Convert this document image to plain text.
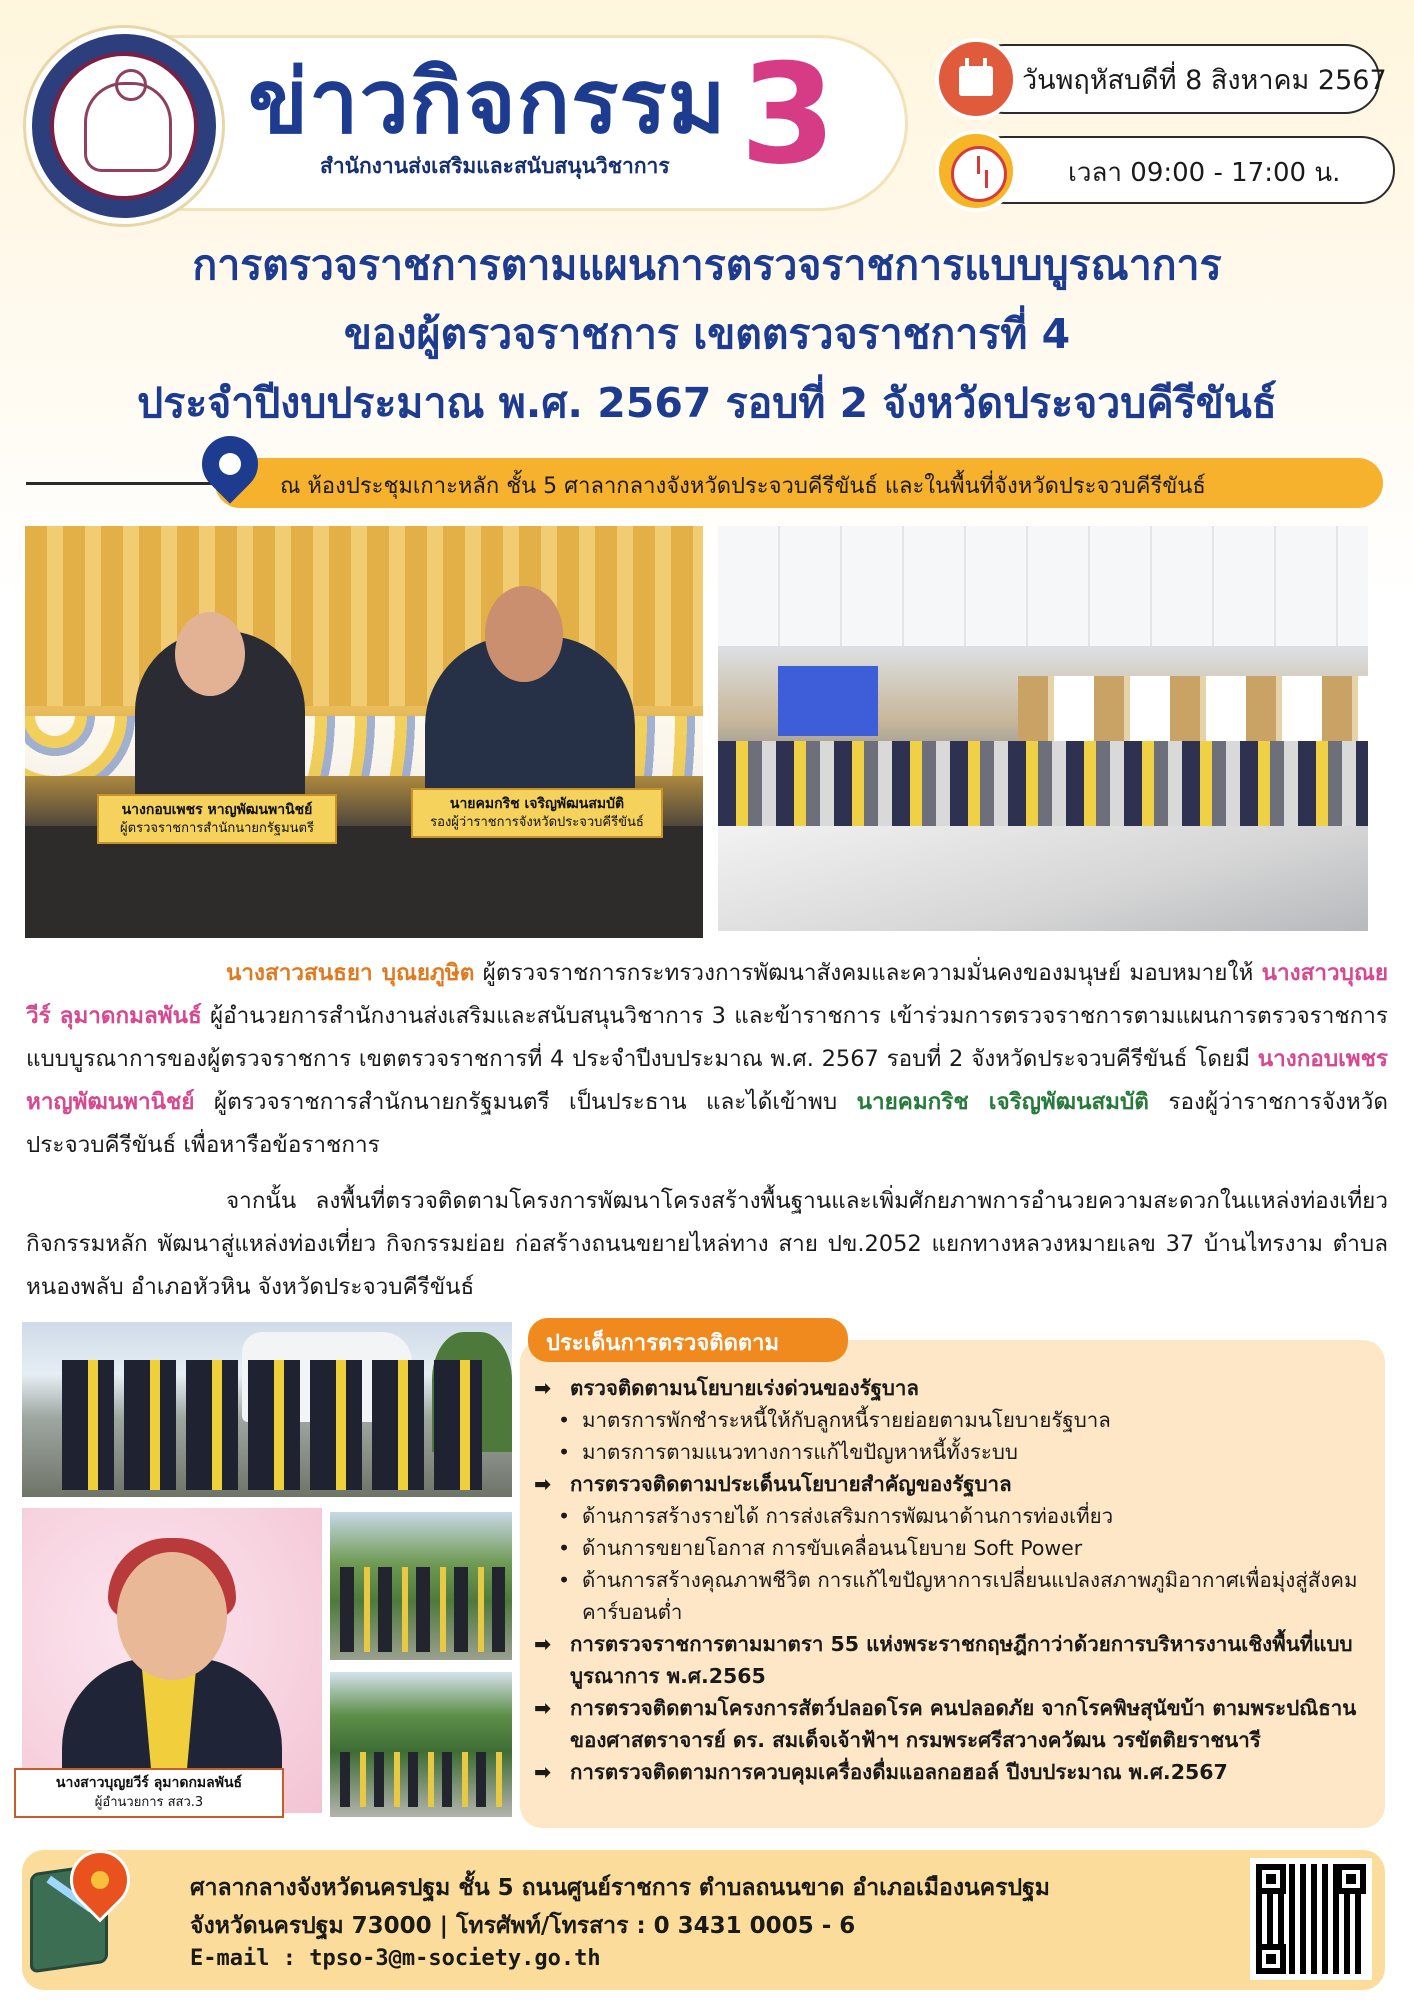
ข่าวกิจกรรม 3
สำนักงานส่งเสริมและสนับสนุนวิชาการ
วันพฤหัสบดีที่ 8 สิงหาคม 2567
เวลา 09:00 - 17:00 น.
การตรวจราชการตามแผนการตรวจราชการแบบบูรณาการ
ของผู้ตรวจราชการ เขตตรวจราชการที่ 4
ประจำปีงบประมาณ พ.ศ. 2567 รอบที่ 2 จังหวัดประจวบคีรีขันธ์
ณ ห้องประชุมเกาะหลัก ชั้น 5 ศาลากลางจังหวัดประจวบคีรีขันธ์ และในพื้นที่จังหวัดประจวบคีรีขันธ์
นางกอบเพชร หาญพัฒนพานิชย์
ผู้ตรวจราชการสำนักนายกรัฐมนตรี
นายคมกริช เจริญพัฒนสมบัติ
รองผู้ว่าราชการจังหวัดประจวบคีรีขันธ์
นางสาวสนธยา บุณยภูษิต ผู้ตรวจราชการกระทรวงการพัฒนาสังคมและความมั่นคงของมนุษย์ มอบหมายให้ นางสาวบุณยวีร์ ลุมาดกมลพันธ์ ผู้อำนวยการสำนักงานส่งเสริมและสนับสนุนวิชาการ 3 และข้าราชการ เข้าร่วมการตรวจราชการตามแผนการตรวจราชการแบบบูรณาการของผู้ตรวจราชการ เขตตรวจราชการที่ 4 ประจำปีงบประมาณ พ.ศ. 2567 รอบที่ 2 จังหวัดประจวบคีรีขันธ์ โดยมี นางกอบเพชร หาญพัฒนพานิชย์ ผู้ตรวจราชการสำนักนายกรัฐมนตรี เป็นประธาน และได้เข้าพบ นายคมกริช เจริญพัฒนสมบัติ รองผู้ว่าราชการจังหวัดประจวบคีรีขันธ์ เพื่อหารือข้อราชการ
จากนั้น ลงพื้นที่ตรวจติดตามโครงการพัฒนาโครงสร้างพื้นฐานและเพิ่มศักยภาพการอำนวยความสะดวกในแหล่งท่องเที่ยว กิจกรรมหลัก พัฒนาสู่แหล่งท่องเที่ยว กิจกรรมย่อย ก่อสร้างถนนขยายไหล่ทาง สาย ปข.2052 แยกทางหลวงหมายเลข 37 บ้านไทรงาม ตำบลหนองพลับ อำเภอหัวหิน จังหวัดประจวบคีรีขันธ์
นางสาวบุญยวีร์ ลุมาดกมลพันธ์
ผู้อำนวยการ สสว.3
ประเด็นการตรวจติดตาม
➡ ตรวจติดตามนโยบายเร่งด่วนของรัฐบาล
• มาตรการพักชำระหนี้ให้กับลูกหนี้รายย่อยตามนโยบายรัฐบาล
• มาตรการตามแนวทางการแก้ไขปัญหาหนี้ทั้งระบบ
➡ การตรวจติดตามประเด็นนโยบายสำคัญของรัฐบาล
• ด้านการสร้างรายได้ การส่งเสริมการพัฒนาด้านการท่องเที่ยว
• ด้านการขยายโอกาส การขับเคลื่อนนโยบาย Soft Power
• ด้านการสร้างคุณภาพชีวิต การแก้ไขปัญหาการเปลี่ยนแปลงสภาพภูมิอากาศเพื่อมุ่งสู่สังคมคาร์บอนต่ำ
➡ การตรวจราชการตามมาตรา 55 แห่งพระราชกฤษฎีกาว่าด้วยการบริหารงานเชิงพื้นที่แบบบูรณาการ พ.ศ.2565
➡ การตรวจติดตามโครงการสัตว์ปลอดโรค คนปลอดภัย จากโรคพิษสุนัขบ้า ตามพระปณิธานของศาสตราจารย์ ดร. สมเด็จเจ้าฟ้าฯ กรมพระศรีสวางควัฒน วรขัตติยราชนารี
➡ การตรวจติดตามการควบคุมเครื่องดื่มแอลกอฮอล์ ปีงบประมาณ พ.ศ.2567
ศาลากลางจังหวัดนครปฐม ชั้น 5 ถนนศูนย์ราชการ ตำบลถนนขาด อำเภอเมืองนครปฐม
จังหวัดนครปฐม 73000 | โทรศัพท์/โทรสาร : 0 3431 0005 - 6
E-mail : tpso-3@m-society.go.th
